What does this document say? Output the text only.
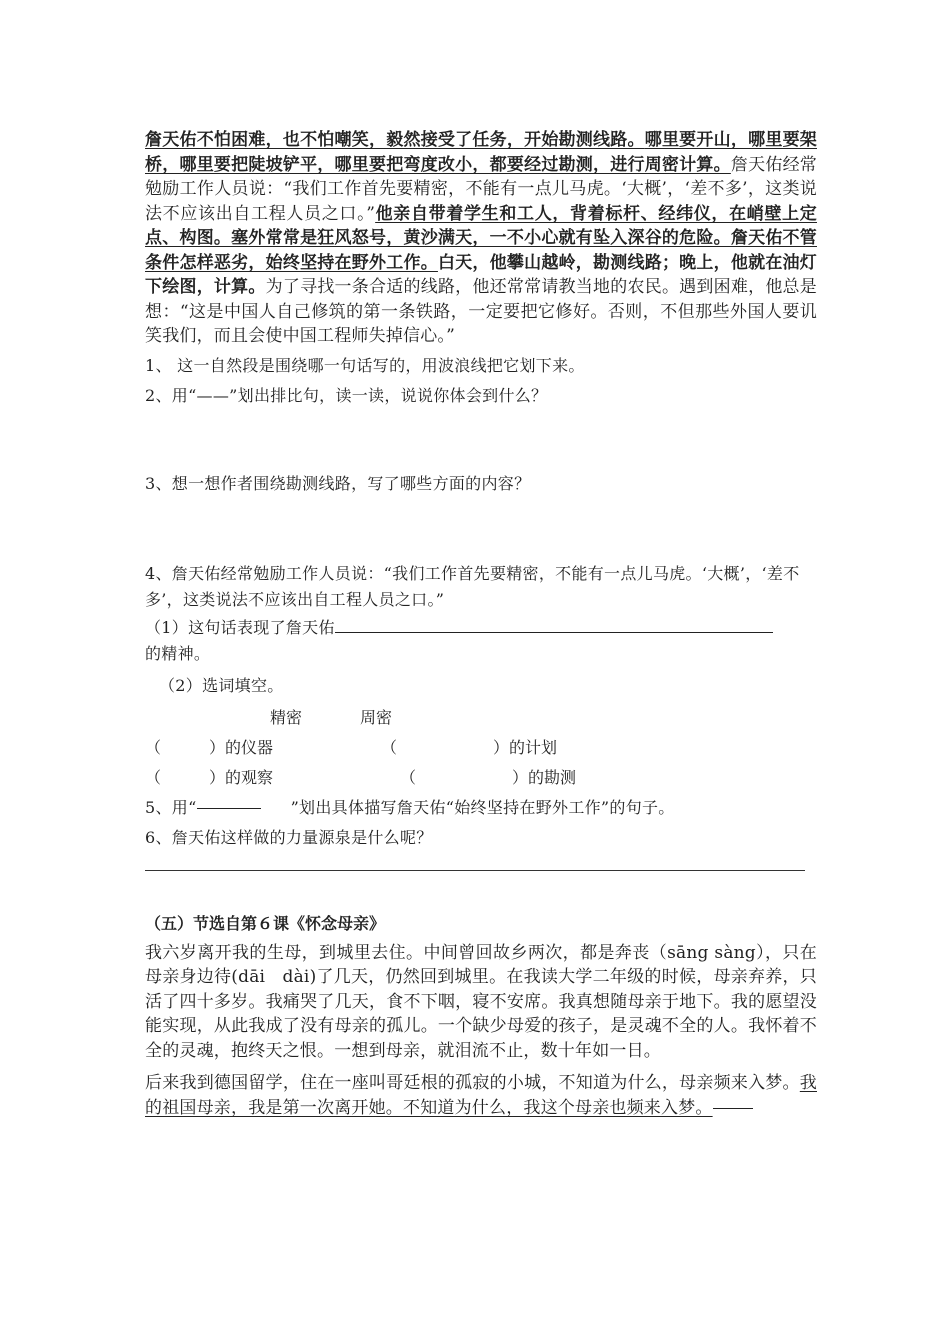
詹天佑不怕困难，也不怕嘲笑，毅然接受了任务，开始勘测线路。哪里要开山，哪里要架桥，哪里要把陡坡铲平，哪里要把弯度改小，都要经过勘测，进行周密计算。詹天佑经常勉励工作人员说：“我们工作首先要精密，不能有一点儿马虎。‘大概’，‘差不多’，这类说法不应该出自工程人员之口。”他亲自带着学生和工人，背着标杆、经纬仪，在峭壁上定点、构图。塞外常常是狂风怒号，黄沙满天，一不小心就有坠入深谷的危险。詹天佑不管条件怎样恶劣，始终坚持在野外工作。白天，他攀山越岭，勘测线路；晚上，他就在油灯下绘图，计算。为了寻找一条合适的线路，他还常常请教当地的农民。遇到困难，他总是想：“这是中国人自己修筑的第一条铁路，一定要把它修好。否则，不但那些外国人要讥笑我们，而且会使中国工程师失掉信心。”

1、 这一自然段是围绕哪一句话写的，用波浪线把它划下来。

2、用“——”划出排比句，读一读，说说你体会到什么？

3、想一想作者围绕勘测线路，写了哪些方面的内容？

4、詹天佑经常勉励工作人员说：“我们工作首先要精密，不能有一点儿马虎。‘大概’，‘差不多’，这类说法不应该出自工程人员之口。”

（1）这句话表现了詹天佑
的精神。

（2）选词填空。

精密	周密

（　　　）的仪器	（　　　　　　）的计划
（　　　）的观察	（　　　　　　）的勘测

5、用“	”划出具体描写詹天佑“始终坚持在野外工作”的句子。

6、詹天佑这样做的力量源泉是什么呢？

（五）节选自第６课《怀念母亲》

我六岁离开我的生母，到城里去住。中间曾回故乡两次，都是奔丧（sāng sàng），只在母亲身边待(dāi　dài)了几天，仍然回到城里。在我读大学二年级的时候，母亲弃养，只活了四十多岁。我痛哭了几天，食不下咽，寝不安席。我真想随母亲于地下。我的愿望没能实现，从此我成了没有母亲的孤儿。一个缺少母爱的孩子，是灵魂不全的人。我怀着不全的灵魂，抱终天之恨。一想到母亲，就泪流不止，数十年如一日。

后来我到德国留学，住在一座叫哥廷根的孤寂的小城，不知道为什么，母亲频来入梦。我的祖国母亲，我是第一次离开她。不知道为什么，我这个母亲也频来入梦。
